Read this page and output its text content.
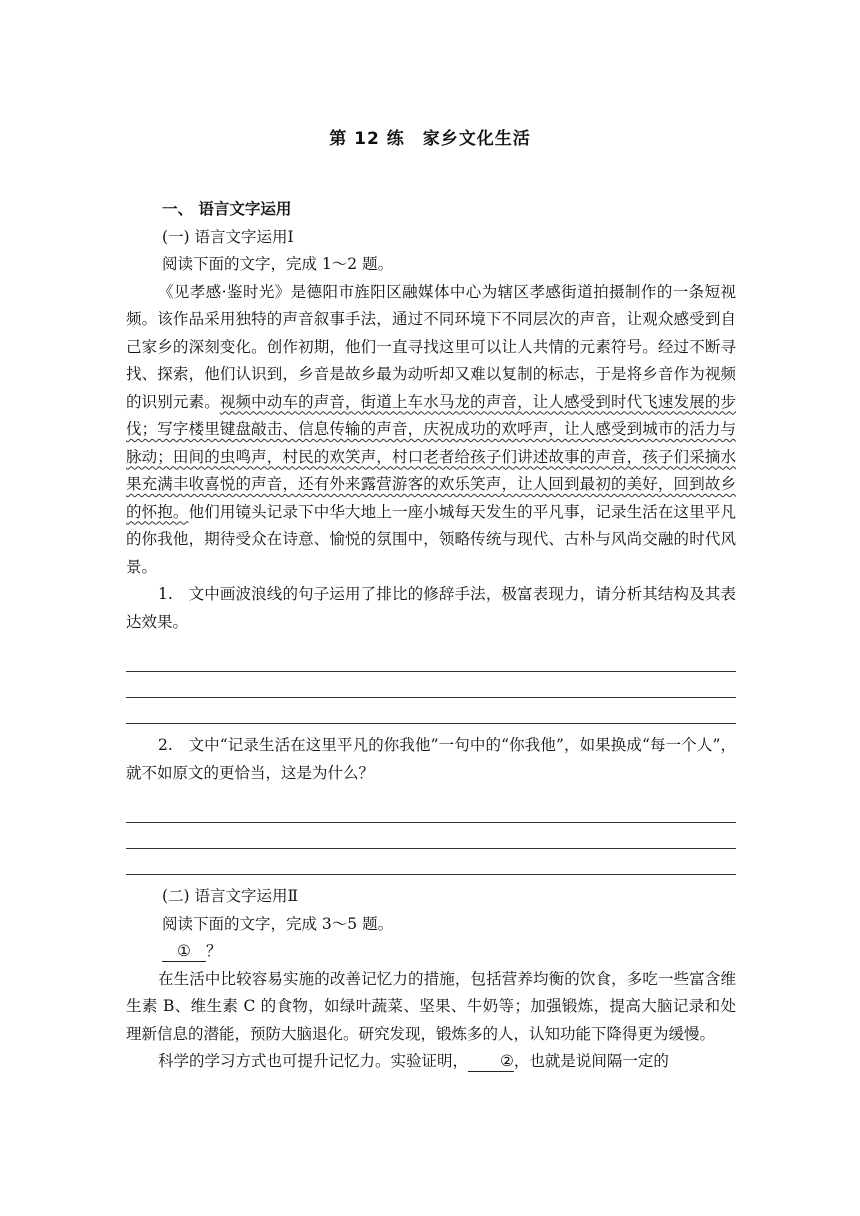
第 12 练　家乡文化生活
一、 语言文字运用
(一) 语言文字运用Ⅰ
阅读下面的文字，完成 1～2 题。
《见孝感·鉴时光》是德阳市旌阳区融媒体中心为辖区孝感街道拍摄制作的一条短视频。该作品采用独特的声音叙事手法，通过不同环境下不同层次的声音，让观众感受到自己家乡的深刻变化。创作初期，他们一直寻找这里可以让人共情的元素符号。经过不断寻找、探索，他们认识到，乡音是故乡最为动听却又难以复制的标志，于是将乡音作为视频的识别元素。视频中动车的声音，街道上车水马龙的声音，让人感受到时代飞速发展的步伐；写字楼里键盘敲击、信息传输的声音，庆祝成功的欢呼声，让人感受到城市的活力与脉动；田间的虫鸣声，村民的欢笑声，村口老者给孩子们讲述故事的声音，孩子们采摘水果充满丰收喜悦的声音，还有外来露营游客的欢乐笑声，让人回到最初的美好，回到故乡的怀抱。他们用镜头记录下中华大地上一座小城每天发生的平凡事，记录生活在这里平凡的你我他，期待受众在诗意、愉悦的氛围中，领略传统与现代、古朴与风尚交融的时代风景。
1.　文中画波浪线的句子运用了排比的修辞手法，极富表现力，请分析其结构及其表达效果。
2.　文中“记录生活在这里平凡的你我他”一句中的“你我他”，如果换成“每一个人”，就不如原文的更恰当，这是为什么？
(二) 语言文字运用Ⅱ
阅读下面的文字，完成 3～5 题。
① ？
在生活中比较容易实施的改善记忆力的措施，包括营养均衡的饮食，多吃一些富含维生素 B、维生素 C 的食物，如绿叶蔬菜、坚果、牛奶等；加强锻炼，提高大脑记录和处理新信息的潜能，预防大脑退化。研究发现，锻炼多的人，认知功能下降得更为缓慢。
科学的学习方式也可提升记忆力。实验证明， ②，也就是说间隔一定的
